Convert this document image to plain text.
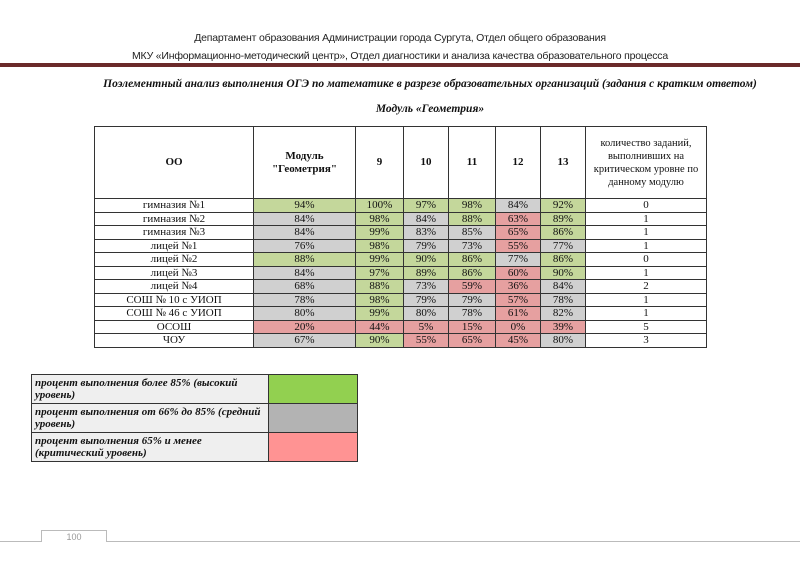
Департамент образования Администрации города Сургута, Отдел общего образования
МКУ «Информационно-методический центр», Отдел диагностики и анализа качества образовательного процесса
Поэлементный анализ выполнения ОГЭ по математике в разрезе образовательных организаций (задания с кратким ответом)
Модуль «Геометрия»
ОО	Модуль "Геометрия"	9	10	11	12	13	количество заданий, выполнивших на критическом уровне по данному модулю
гимназия №1	94%	100%	97%	98%	84%	92%	0
гимназия №2	84%	98%	84%	88%	63%	89%	1
гимназия №3	84%	99%	83%	85%	65%	86%	1
лицей №1	76%	98%	79%	73%	55%	77%	1
лицей №2	88%	99%	90%	86%	77%	86%	0
лицей №3	84%	97%	89%	86%	60%	90%	1
лицей №4	68%	88%	73%	59%	36%	84%	2
СОШ № 10 с УИОП	78%	98%	79%	79%	57%	78%	1
СОШ № 46 с УИОП	80%	99%	80%	78%	61%	82%	1
ОСОШ	20%	44%	5%	15%	0%	39%	5
ЧОУ	67%	90%	55%	65%	45%	80%	3
процент выполнения более 85% (высокий уровень)	
процент выполнения от 66% до 85% (средний уровень)	
процент выполнения 65% и менее (критический уровень)	
100
